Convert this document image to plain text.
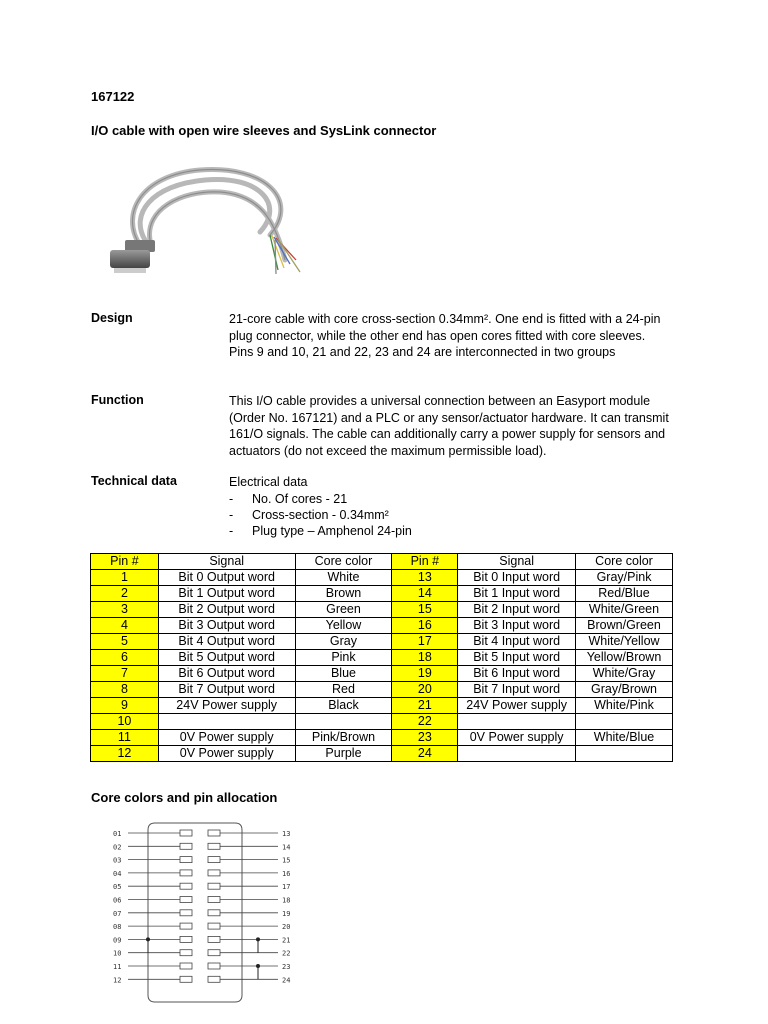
167122
I/O cable with open wire sleeves and SysLink connector
Design	21-core cable with core cross-section 0.34mm². One end is fitted with a 24-pin plug connector, while the other end has open cores fitted with core sleeves. Pins 9 and 10, 21 and 22, 23 and 24 are interconnected in two groups
Function	This I/O cable provides a universal connection between an Easyport module (Order No. 167121) and a PLC or any sensor/actuator hardware. It can transmit 161/O signals. The cable can additionally carry a power supply for sensors and actuators (do not exceed the maximum permissible load).
Technical data	Electrical data
- No. Of cores - 21
- Cross-section - 0.34mm²
- Plug type – Amphenol 24-pin
Pin #	Signal	Core color	Pin #	Signal	Core color
1	Bit 0 Output word	White	13	Bit 0 Input word	Gray/Pink
2	Bit 1 Output word	Brown	14	Bit 1 Input word	Red/Blue
3	Bit 2 Output word	Green	15	Bit 2 Input word	White/Green
4	Bit 3 Output word	Yellow	16	Bit 3 Input word	Brown/Green
5	Bit 4 Output word	Gray	17	Bit 4 Input word	White/Yellow
6	Bit 5 Output word	Pink	18	Bit 5 Input word	Yellow/Brown
7	Bit 6 Output word	Blue	19	Bit 6 Input word	White/Gray
8	Bit 7 Output word	Red	20	Bit 7 Input word	Gray/Brown
9	24V Power supply	Black	21	24V Power supply	White/Pink
10			22		
11	0V Power supply	Pink/Brown	23	0V Power supply	White/Blue
12	0V Power supply	Purple	24		
Core colors and pin allocation
01
02
03
04
05
06
07
08
09
10
11
12
13
14
15
16
17
18
19
20
21
22
23
24
